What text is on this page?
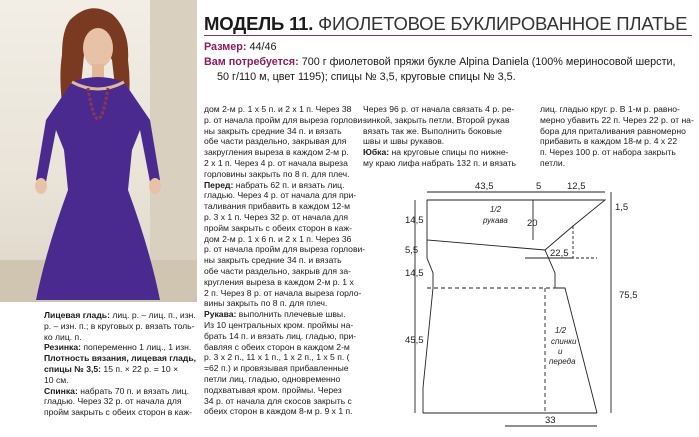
МОДЕЛЬ 11. ФИОЛЕТОВОЕ БУКЛИРОВАННОЕ ПЛАТЬЕ
Размер: 44/46
Вам потребуется: 700 г фиолетовой пряжи букле Alpina Daniela (100% мериносовой шерсти,
50 г/110 м, цвет 1195); спицы № 3,5, круговые спицы № 3,5.

Лицевая гладь: лиц. р. – лиц. п., изн.

р. – изн. п.; в круговых р. вязать толь-

ко лиц. п.

Резинка: попеременно 1 лиц., 1 изн.

Плотность вязания, лицевая гладь,

спицы № 3,5: 15 п. × 22 р. = 10 ×

10 см.

Спинка: набрать 70 п. и вязать лиц.

гладью. Через 32 р. от начала для

пройм закрыть с обеих сторон в каж-

дом 2-м р. 1 х 5 п. и 2 х 1 п. Через 38

р. от начала пройм для выреза горлови-

ны закрыть средние 34 п. и вязать

обе части раздельно, закрывая для

закругления выреза в каждом 2-м р.

2 х 1 п. Через 4 р. от начала выреза

горловины закрыть по 8 п. для плеч.

Перед: набрать 62 п. и вязать лиц.

гладью. Через 4 р. от начала для при-

таливания прибавить в каждом 12-м

р. 3 х 1 п. Через 32 р. от начала для

пройм закрыть с обеих сторон в каж-

дом 2-м р. 1 х 6 п. и 2 х 1 п. Через 36

р. от начала пройм для выреза горлови-

ны закрыть средние 34 п. и вязать

обе части раздельно, закрыв для за-

кругления выреза в каждом 2-м р. 1 х

2 п. Через 8 р. от начала выреза горло-

вины закрыть по 8 п. для плеч.

Рукава: выполнить плечевые швы.

Из 10 центральных кром. проймы на-

брать 14 п. и вязать лиц. гладью, при-

бавляя с обеих сторон в каждом 2-м

р. 3 х 2 п., 11 х 1 п., 1 х 2 п., 1 х 5 п. (

=62 п.) и провязывая прибавленные

петли лиц. гладью, одновременно

подхватывая кром. проймы. Через

34 р. от начала для скосов закрыть с

обеих сторон в каждом 8-м р. 9 х 1 п.

Через 96 р. от начала связать 4 р. ре-

зинкой, закрыть петли. Второй рукав

вязать так же. Выполнить боковые

швы и швы рукавов.

Юбка: на круговые спицы по нижне-

му краю лифа набрать 132 п. и вязать

лиц. гладью круг. р. В 1-м р. равно-

мерно убавить 22 п. Через 22 р. от на-

бора для приталивания равномерно

прибавить в каждом 18-м р. 4 х 22

п. Через 100 р. от набора закрыть

петли.

43,5	5	12,5
1,5
14,5	20
5,5	22,5
14,5
75,5
45,5
33
1/2
рукава
1/2
спинки
и
переда
